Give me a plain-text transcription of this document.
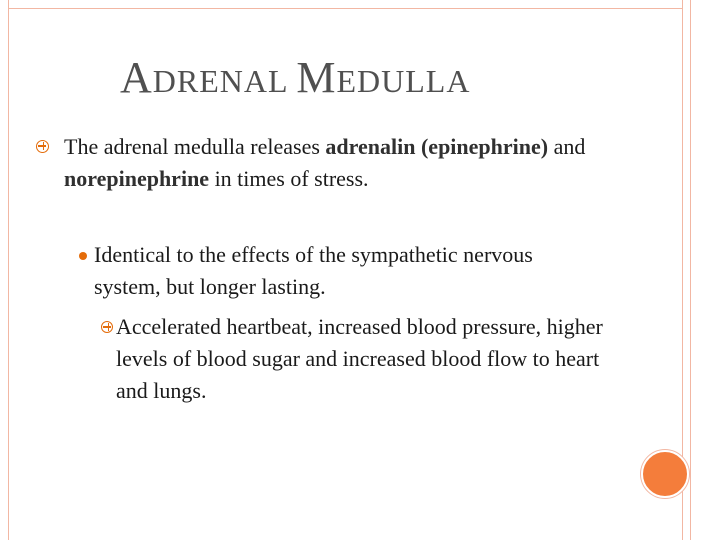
ADRENAL MEDULLA

The adrenal medulla releases adrenalin (epinephrine) and norepinephrine in times of stress.

Identical to the effects of the sympathetic nervous system, but longer lasting.

Accelerated heartbeat, increased blood pressure, higher levels of blood sugar and increased blood flow to heart and lungs.
